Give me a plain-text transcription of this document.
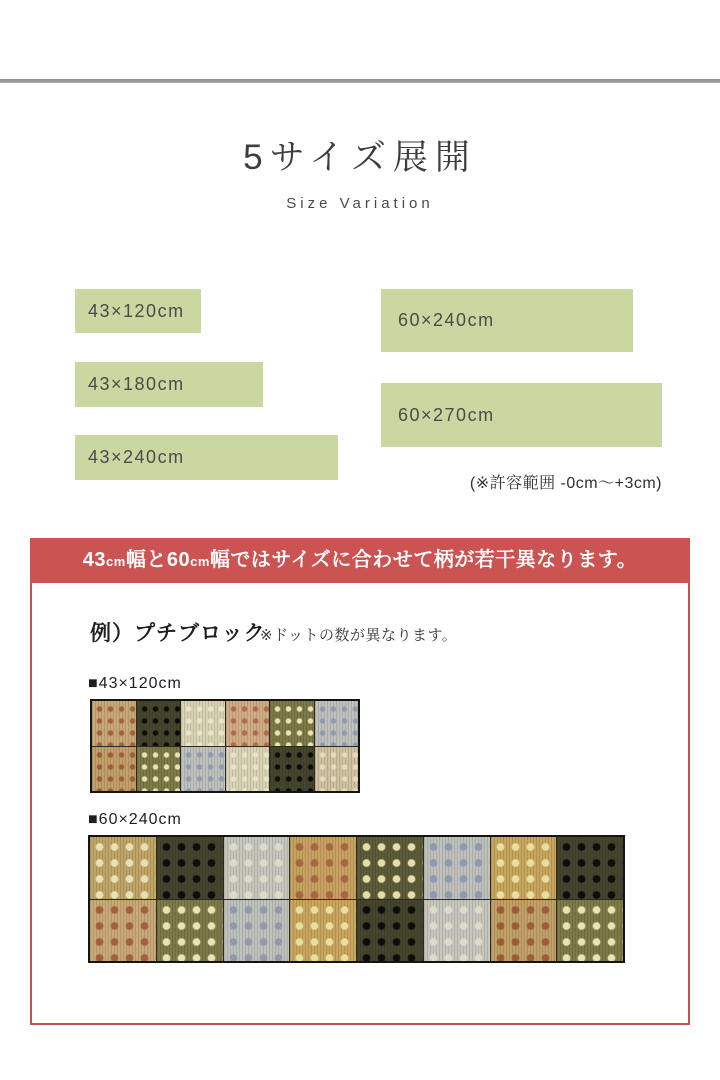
5サイズ展開
Size Variation
43×120cm
43×180cm
43×240cm
60×240cm
60×270cm
(※許容範囲 -0cm〜+3cm)
43cm幅と60cm幅ではサイズに合わせて柄が若干異なります。
例）プチブロック
※ドットの数が異なります。
■43×120cm
■60×240cm
